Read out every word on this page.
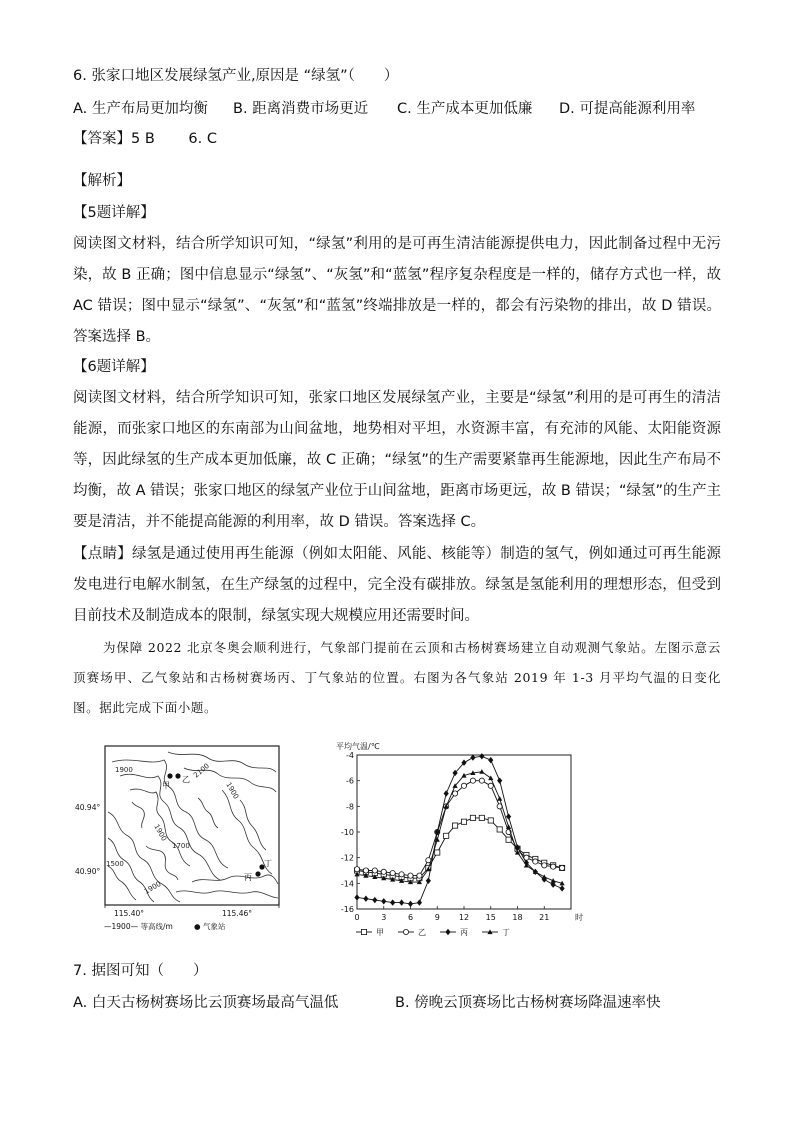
6. 张家口地区发展绿氢产业,原因是 “绿氢”（　　）
A. 生产布局更加均衡 B. 距离消费市场更近 C. 生产成本更加低廉 D. 可提高能源利用率
【答案】5 B　　 6. C
【解析】
【5题详解】
阅读图文材料，结合所学知识可知，“绿氢”利用的是可再生清洁能源提供电力，因此制备过程中无污染，故 B 正确；图中信息显示“绿氢”、“灰氢”和“蓝氢”程序复杂程度是一样的，储存方式也一样，故 AC 错误；图中显示“绿氢”、“灰氢”和“蓝氢”终端排放是一样的，都会有污染物的排出，故 D 错误。答案选择 B。
【6题详解】
阅读图文材料，结合所学知识可知，张家口地区发展绿氢产业，主要是“绿氢”利用的是可再生的清洁能源，而张家口地区的东南部为山间盆地，地势相对平坦，水资源丰富，有充沛的风能、太阳能资源等，因此绿氢的生产成本更加低廉，故 C 正确；“绿氢”的生产需要紧靠再生能源地，因此生产布局不均衡，故 A 错误；张家口地区的绿氢产业位于山间盆地，距离市场更远，故 B 错误；“绿氢”的生产主要是清洁，并不能提高能源的利用率，故 D 错误。答案选择 C。
【点睛】绿氢是通过使用再生能源（例如太阳能、风能、核能等）制造的氢气，例如通过可再生能源发电进行电解水制氢，在生产绿氢的过程中，完全没有碳排放。绿氢是氢能利用的理想形态，但受到目前技术及制造成本的限制，绿氢实现大规模应用还需要时间。
为保障 2022 北京冬奥会顺利进行，气象部门提前在云顶和古杨树赛场建立自动观测气象站。左图示意云顶赛场甲、乙气象站和古杨树赛场丙、丁气象站的位置。右图为各气象站 2019 年 1-3 月平均气温的日变化图。据此完成下面小题。
1900	2100
1900
1900
1700
1500
1900
甲
乙
丙
丁
40.94°
40.90°
115.40°	115.46°
—1900— 等高线/m	● 气象站
平均气温/℃
-4
-6
-8
-10
-12
-14
-16
0	3	6	9 12 15 18 21	时
甲	乙	丙	丁
7. 据图可知（　　）
A. 白天古杨树赛场比云顶赛场最高气温低	B. 傍晚云顶赛场比古杨树赛场降温速率快
